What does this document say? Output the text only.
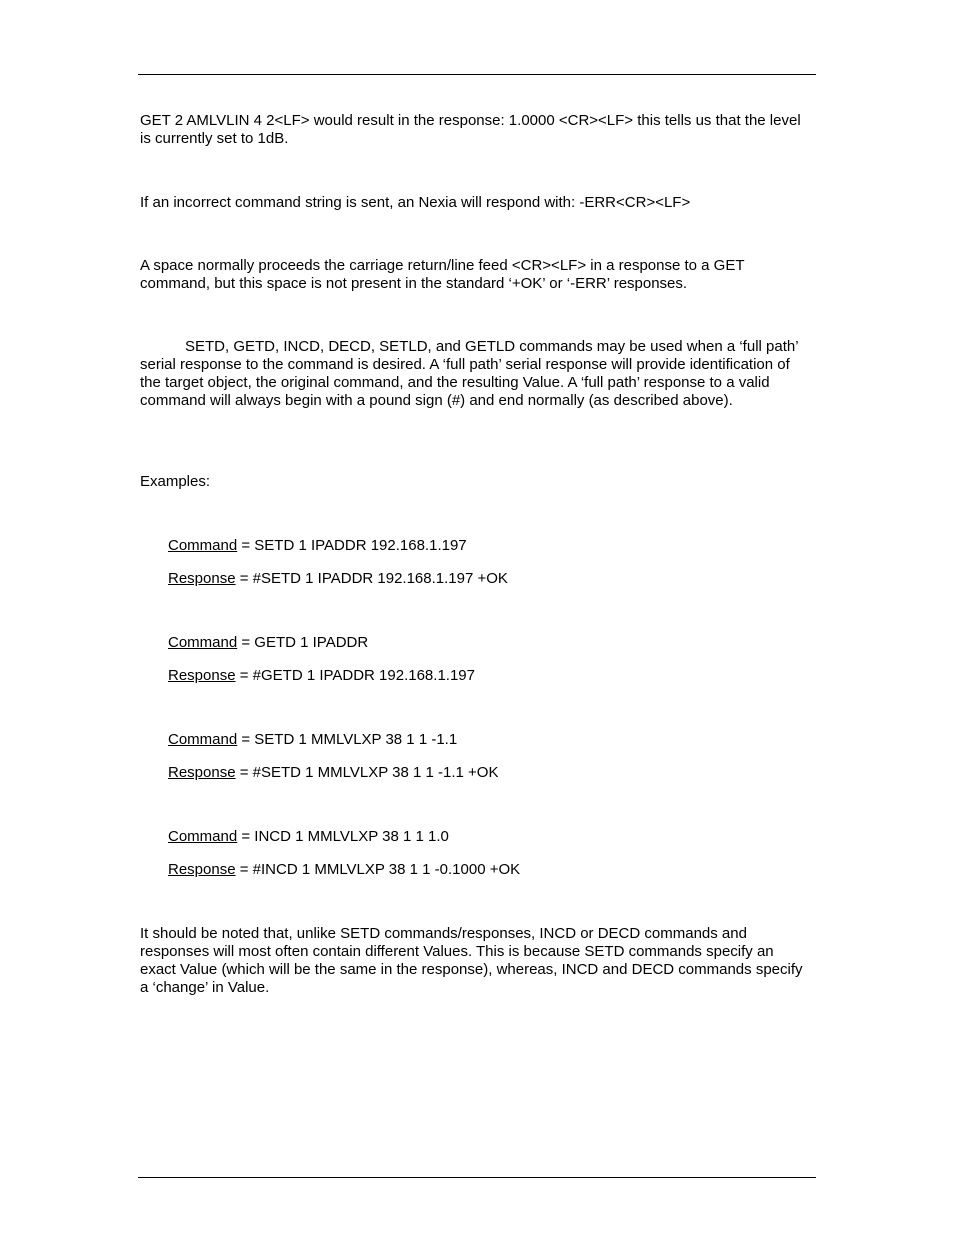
GET 2 AMLVLIN 4 2<LF> would result in the response: 1.0000 <CR><LF> this tells us that the level is currently set to 1dB.

If an incorrect command string is sent, an Nexia will respond with: -ERR<CR><LF>

A space normally proceeds the carriage return/line feed <CR><LF> in a response to a GET command, but this space is not present in the standard ‘+OK’ or ‘-ERR’ responses.

SETD, GETD, INCD, DECD, SETLD, and GETLD commands may be used when a ‘full path’ serial response to the command is desired. A ‘full path’ serial response will provide identification of the target object, the original command, and the resulting Value. A ‘full path’ response to a valid command will always begin with a pound sign (#) and end normally (as described above).

Examples:

Command = SETD 1 IPADDR 192.168.1.197

Response = #SETD 1 IPADDR 192.168.1.197 +OK

Command = GETD 1 IPADDR

Response = #GETD 1 IPADDR 192.168.1.197

Command = SETD 1 MMLVLXP 38 1 1 -1.1

Response = #SETD 1 MMLVLXP 38 1 1 -1.1 +OK

Command = INCD 1 MMLVLXP 38 1 1 1.0

Response = #INCD 1 MMLVLXP 38 1 1 -0.1000 +OK

It should be noted that, unlike SETD commands/responses, INCD or DECD commands and responses will most often contain different Values. This is because SETD commands specify an exact Value (which will be the same in the response), whereas, INCD and DECD commands specify a ‘change’ in Value.
